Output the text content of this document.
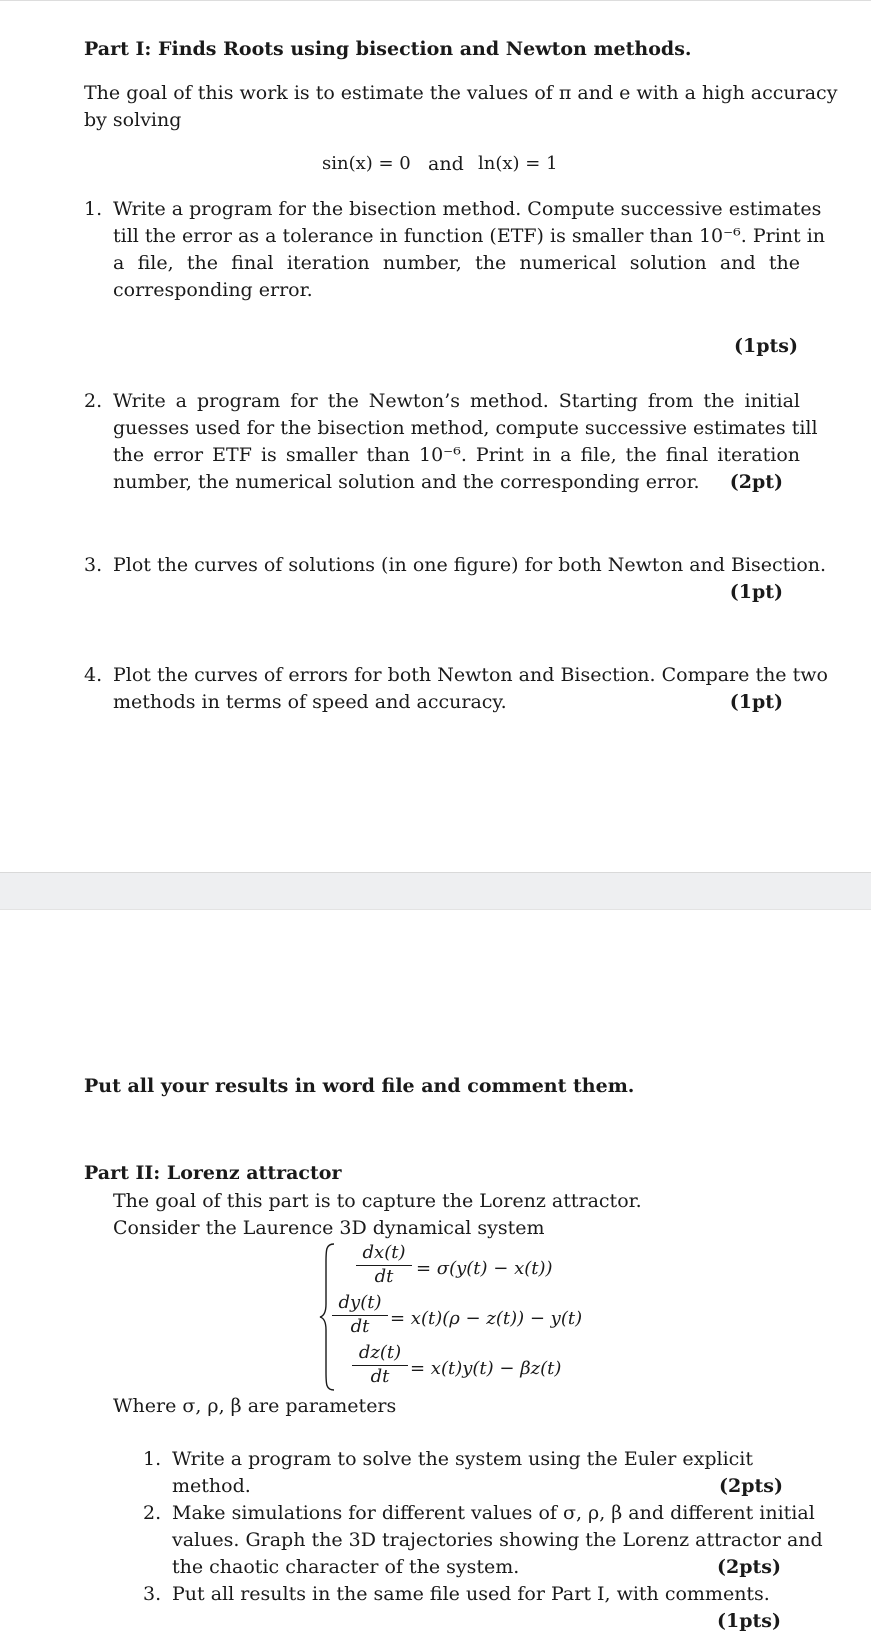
Part I: Finds Roots using bisection and Newton methods.
The goal of this work is to estimate the values of π and e with a high accuracy
by solving
sin(x) = 0 and ln(x) = 1
1. Write a program for the bisection method. Compute successive estimates
till the error as a tolerance in function (ETF) is smaller than 10⁻⁶. Print in
a file, the final iteration number, the numerical solution and the
corresponding error.
(1pts)
2. Write a program for the Newton’s method. Starting from the initial
guesses used for the bisection method, compute successive estimates till
the error ETF is smaller than 10⁻⁶. Print in a file, the final iteration
number, the numerical solution and the corresponding error. (2pt)
3. Plot the curves of solutions (in one figure) for both Newton and Bisection.
(1pt)
4. Plot the curves of errors for both Newton and Bisection. Compare the two
methods in terms of speed and accuracy.	(1pt)
Put all your results in word file and comment them.
Part II: Lorenz attractor
The goal of this part is to capture the Lorenz attractor.
Consider the Laurence 3D dynamical system
$\frac{dx(t)}{dt} = \sigma(y(t) - x(t))$
$\frac{dy(t)}{dt} = x(t)(\rho - z(t)) - y(t)$
$\frac{dz(t)}{dt} = x(t)y(t) - \beta z(t)$
Where σ, ρ, β are parameters
1. Write a program to solve the system using the Euler explicit
method.	(2pts)
2. Make simulations for different values of σ, ρ, β and different initial
values. Graph the 3D trajectories showing the Lorenz attractor and
the chaotic character of the system.	(2pts)
3. Put all results in the same file used for Part I, with comments.
(1pts)
